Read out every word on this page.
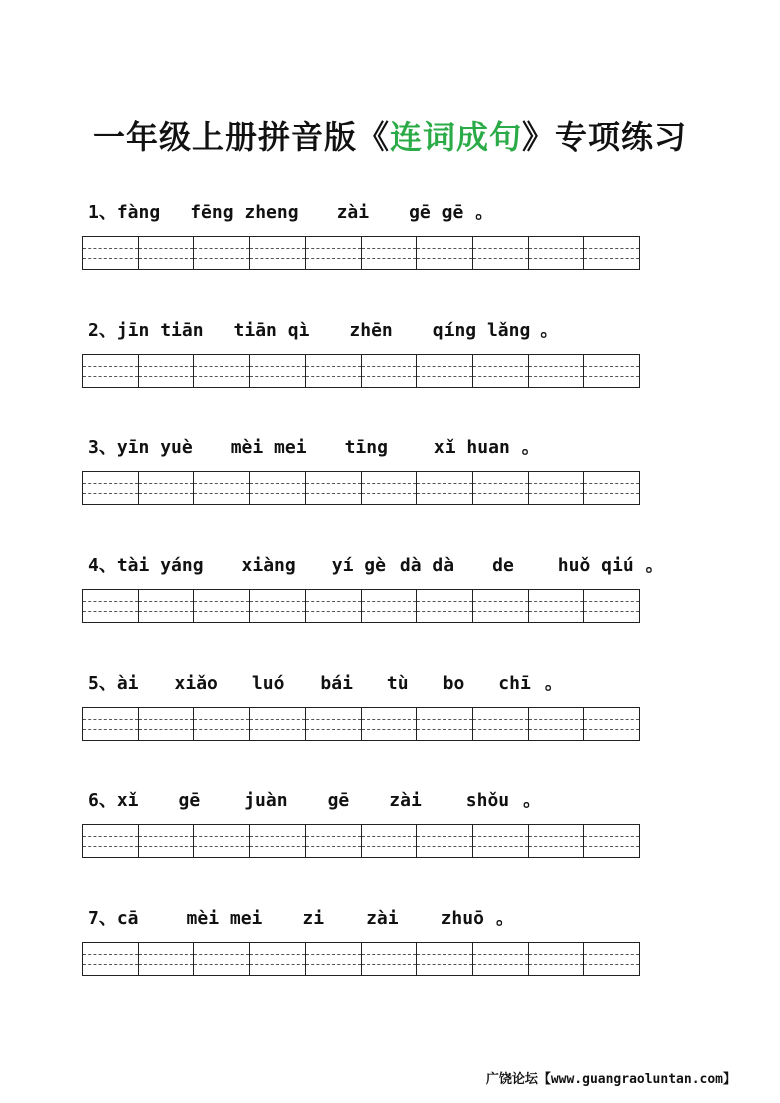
一年级上册拼音版《连词成句》专项练习
1、fàng fēng zheng zài gē gē 。
2、jīn tiān tiān qì zhēn qíng lǎng 。
3、yīn yuè mèi mei tīng	xǐ huan 。
4、tài yáng xiàng yí gè dà dà de huǒ qiú 。
5、ài xiǎo luó bái tù bo chī 。
6、xǐ gē juàn gē zài shǒu 。
7、cā	mèi mei zi zài zhuō 。
广饶论坛【www.guangraoluntan.com】
